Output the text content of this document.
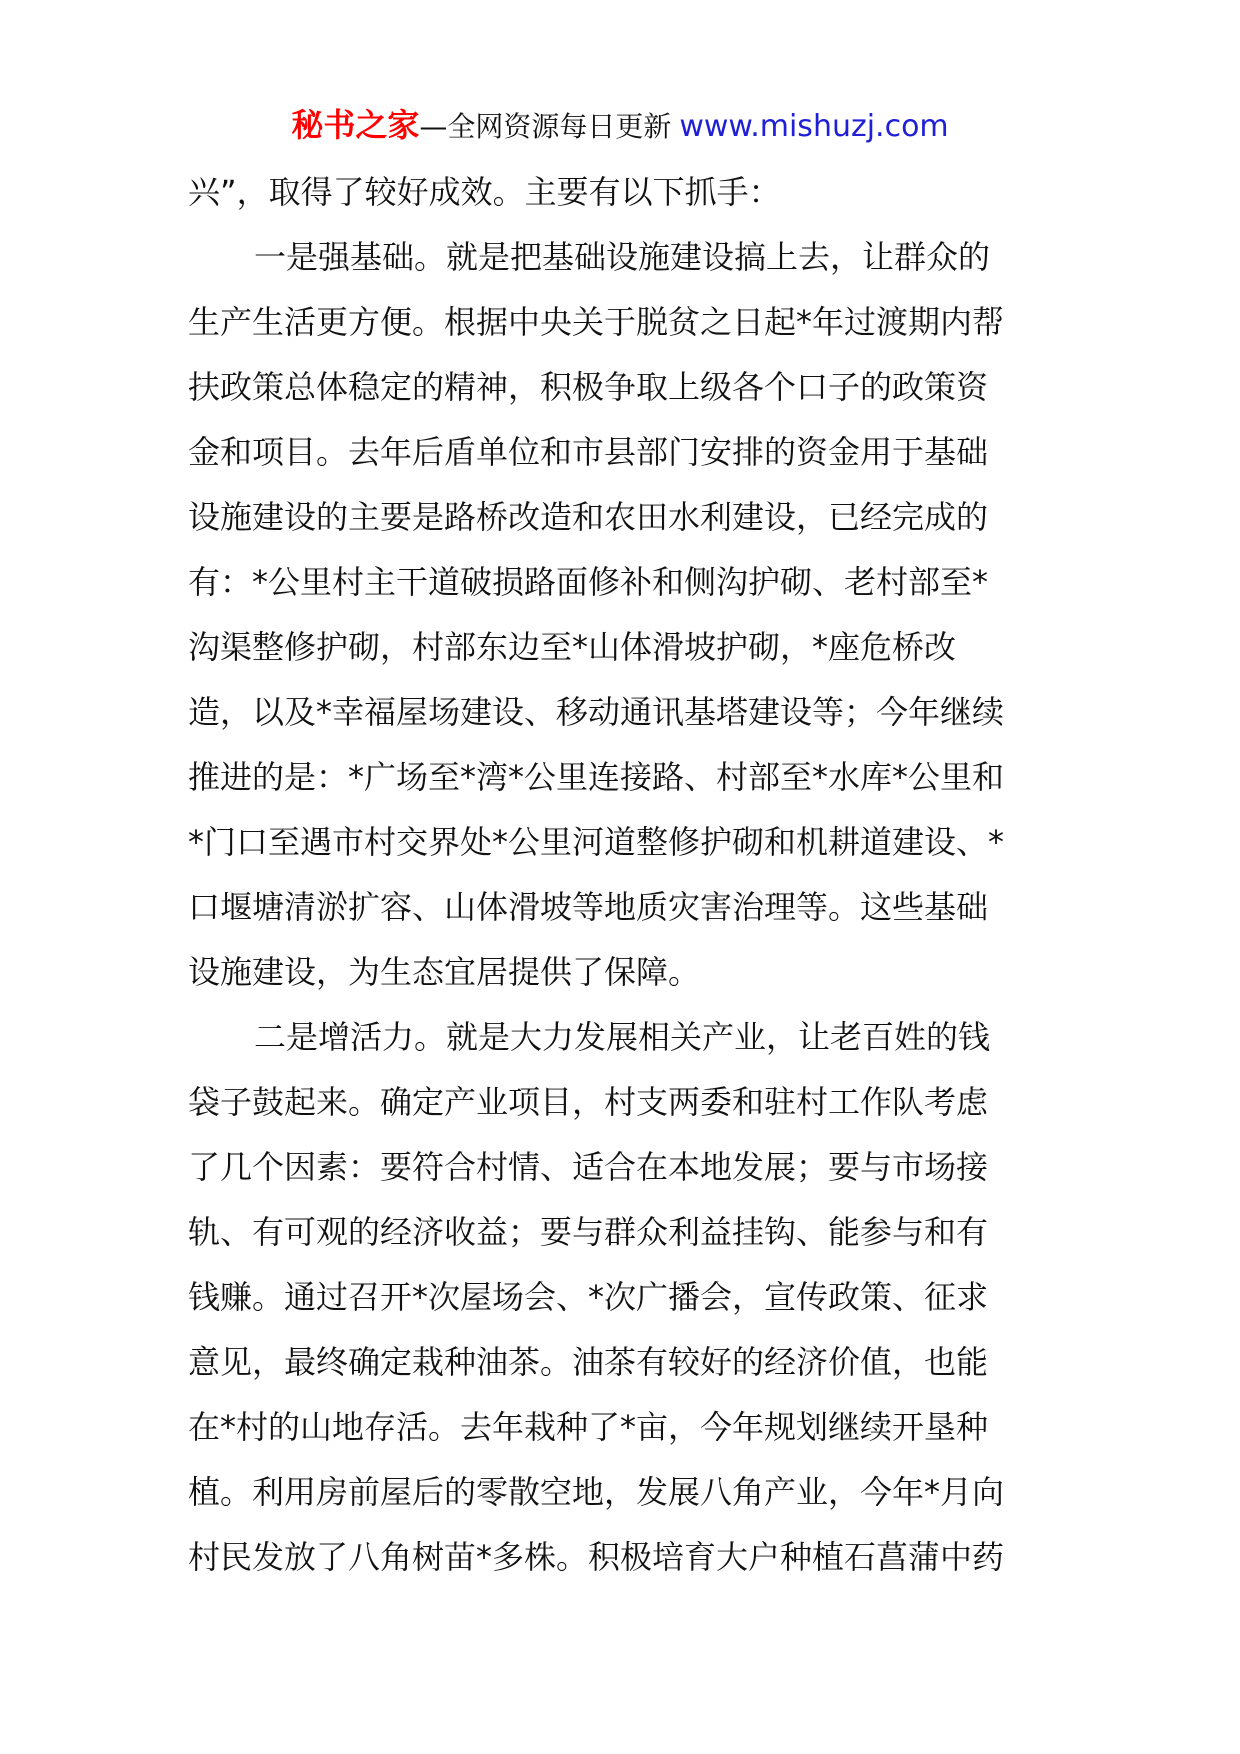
秘书之家—全网资源每日更新 www.mishuzj.com
兴”，取得了较好成效。主要有以下抓手：
一是强基础。就是把基础设施建设搞上去，让群众的
生产生活更方便。根据中央关于脱贫之日起*年过渡期内帮
扶政策总体稳定的精神，积极争取上级各个口子的政策资
金和项目。去年后盾单位和市县部门安排的资金用于基础
设施建设的主要是路桥改造和农田水利建设，已经完成的
有：*公里村主干道破损路面修补和侧沟护砌、老村部至*
沟渠整修护砌，村部东边至*山体滑坡护砌，*座危桥改
造，以及*幸福屋场建设、移动通讯基塔建设等；今年继续
推进的是：*广场至*湾*公里连接路、村部至*水库*公里和
*门口至遇市村交界处*公里河道整修护砌和机耕道建设、*
口堰塘清淤扩容、山体滑坡等地质灾害治理等。这些基础
设施建设，为生态宜居提供了保障。
二是增活力。就是大力发展相关产业，让老百姓的钱
袋子鼓起来。确定产业项目，村支两委和驻村工作队考虑
了几个因素：要符合村情、适合在本地发展；要与市场接
轨、有可观的经济收益；要与群众利益挂钩、能参与和有
钱赚。通过召开*次屋场会、*次广播会，宣传政策、征求
意见，最终确定栽种油茶。油茶有较好的经济价值，也能
在*村的山地存活。去年栽种了*亩，今年规划继续开垦种
植。利用房前屋后的零散空地，发展八角产业，今年*月向
村民发放了八角树苗*多株。积极培育大户种植石菖蒲中药
